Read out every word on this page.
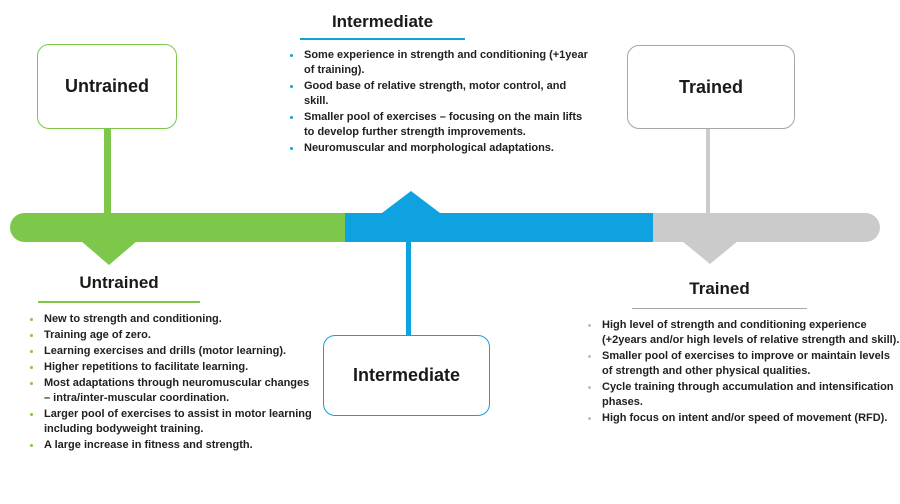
Untrained	Trained
Intermediate
Intermediate
• Some experience in strength and conditioning (+1year of training).
• Good base of relative strength, motor control, and skill.
• Smaller pool of exercises – focusing on the main lifts to develop further strength improvements.
• Neuromuscular and morphological adaptations.
Untrained
• New to strength and conditioning.
• Training age of zero.
• Learning exercises and drills (motor learning).
• Higher repetitions to facilitate learning.
• Most adaptations through neuromuscular changes – intra/inter-muscular coordination.
• Larger pool of exercises to assist in motor learning including bodyweight training.
• A large increase in fitness and strength.
Trained
• High level of strength and conditioning experience (+2years and/or high levels of relative strength and skill).
• Smaller pool of exercises to improve or maintain levels of strength and other physical qualities.
• Cycle training through accumulation and intensification phases.
• High focus on intent and/or speed of movement (RFD).
